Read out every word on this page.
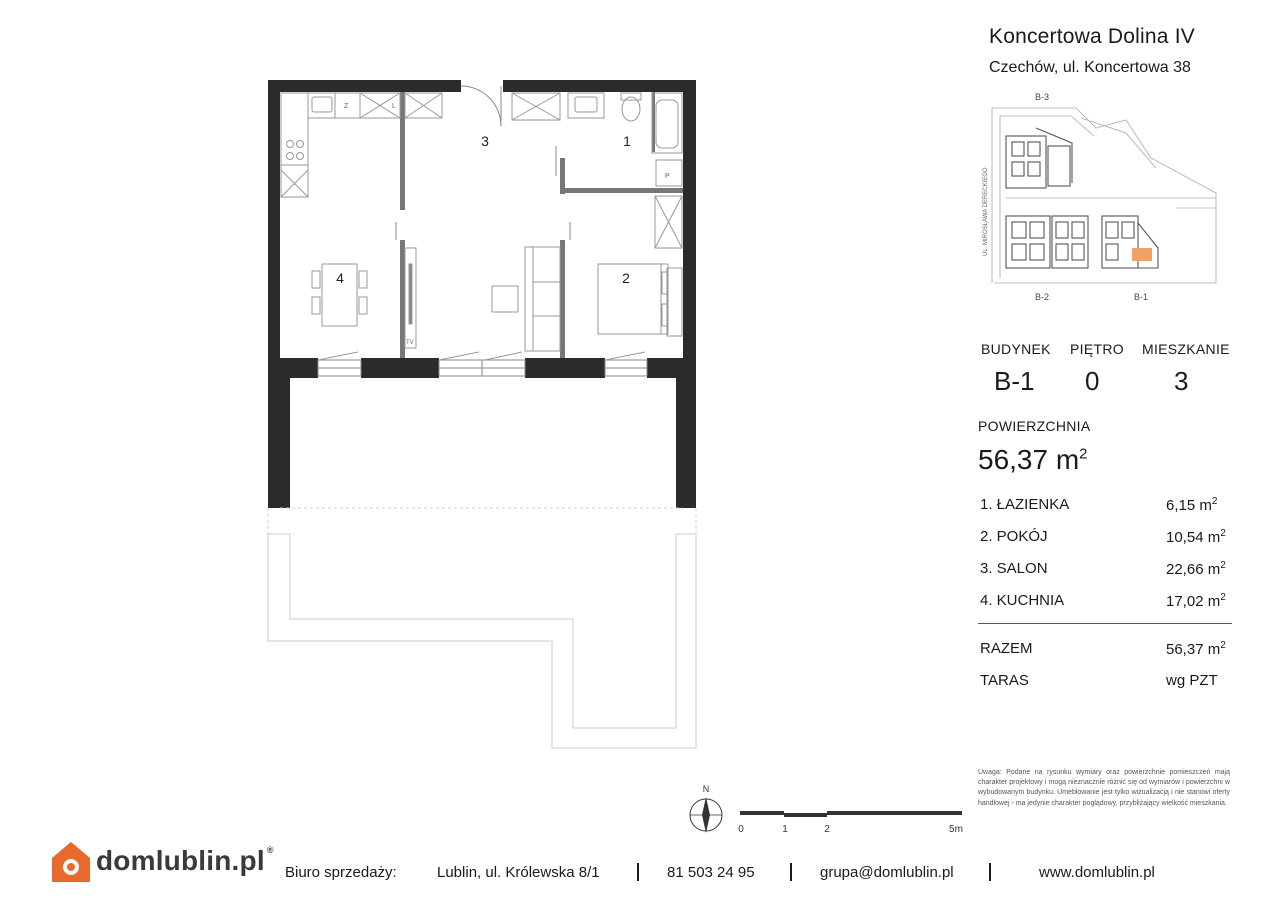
3	1
2
4
TV
Z	L
P
N
0	1	2	5m
Koncertowa Dolina IV
Czechów, ul. Koncertowa 38
B-3
B-2	B-1
UL. MIROSŁAWA DERECKIEGO
BUDYNEK PIĘTRO MIESZKANIE
B-1 0	3
POWIERZCHNIA
56,37 $m^2$
1. ŁAZIENKA	6,15 $m^2$
2. POKÓJ	10,54 $m^2$
3. SALON	22,66 $m^2$
4. KUCHNIA	17,02 $m^2$
RAZEM	56,37 $m^2$
TARAS	wg PZT
Uwaga: Podane na rysunku wymiary oraz powierzchnie pomieszczeń mają charakter projektowy i mogą nieznacznie różnić się od wymiarów i powierzchni w wybudowanym budynku. Umeblowanie jest tylko wizualizacją i nie stanowi oferty handlowej - ma jedynie charakter poglądowy, przybliżający wielkość mieszkania.
domlublin.pl ®
Biuro sprzedaży:	Lublin, ul. Królewska 8/1	81 503 24 95	grupa@domlublin.pl	www.domlublin.pl
